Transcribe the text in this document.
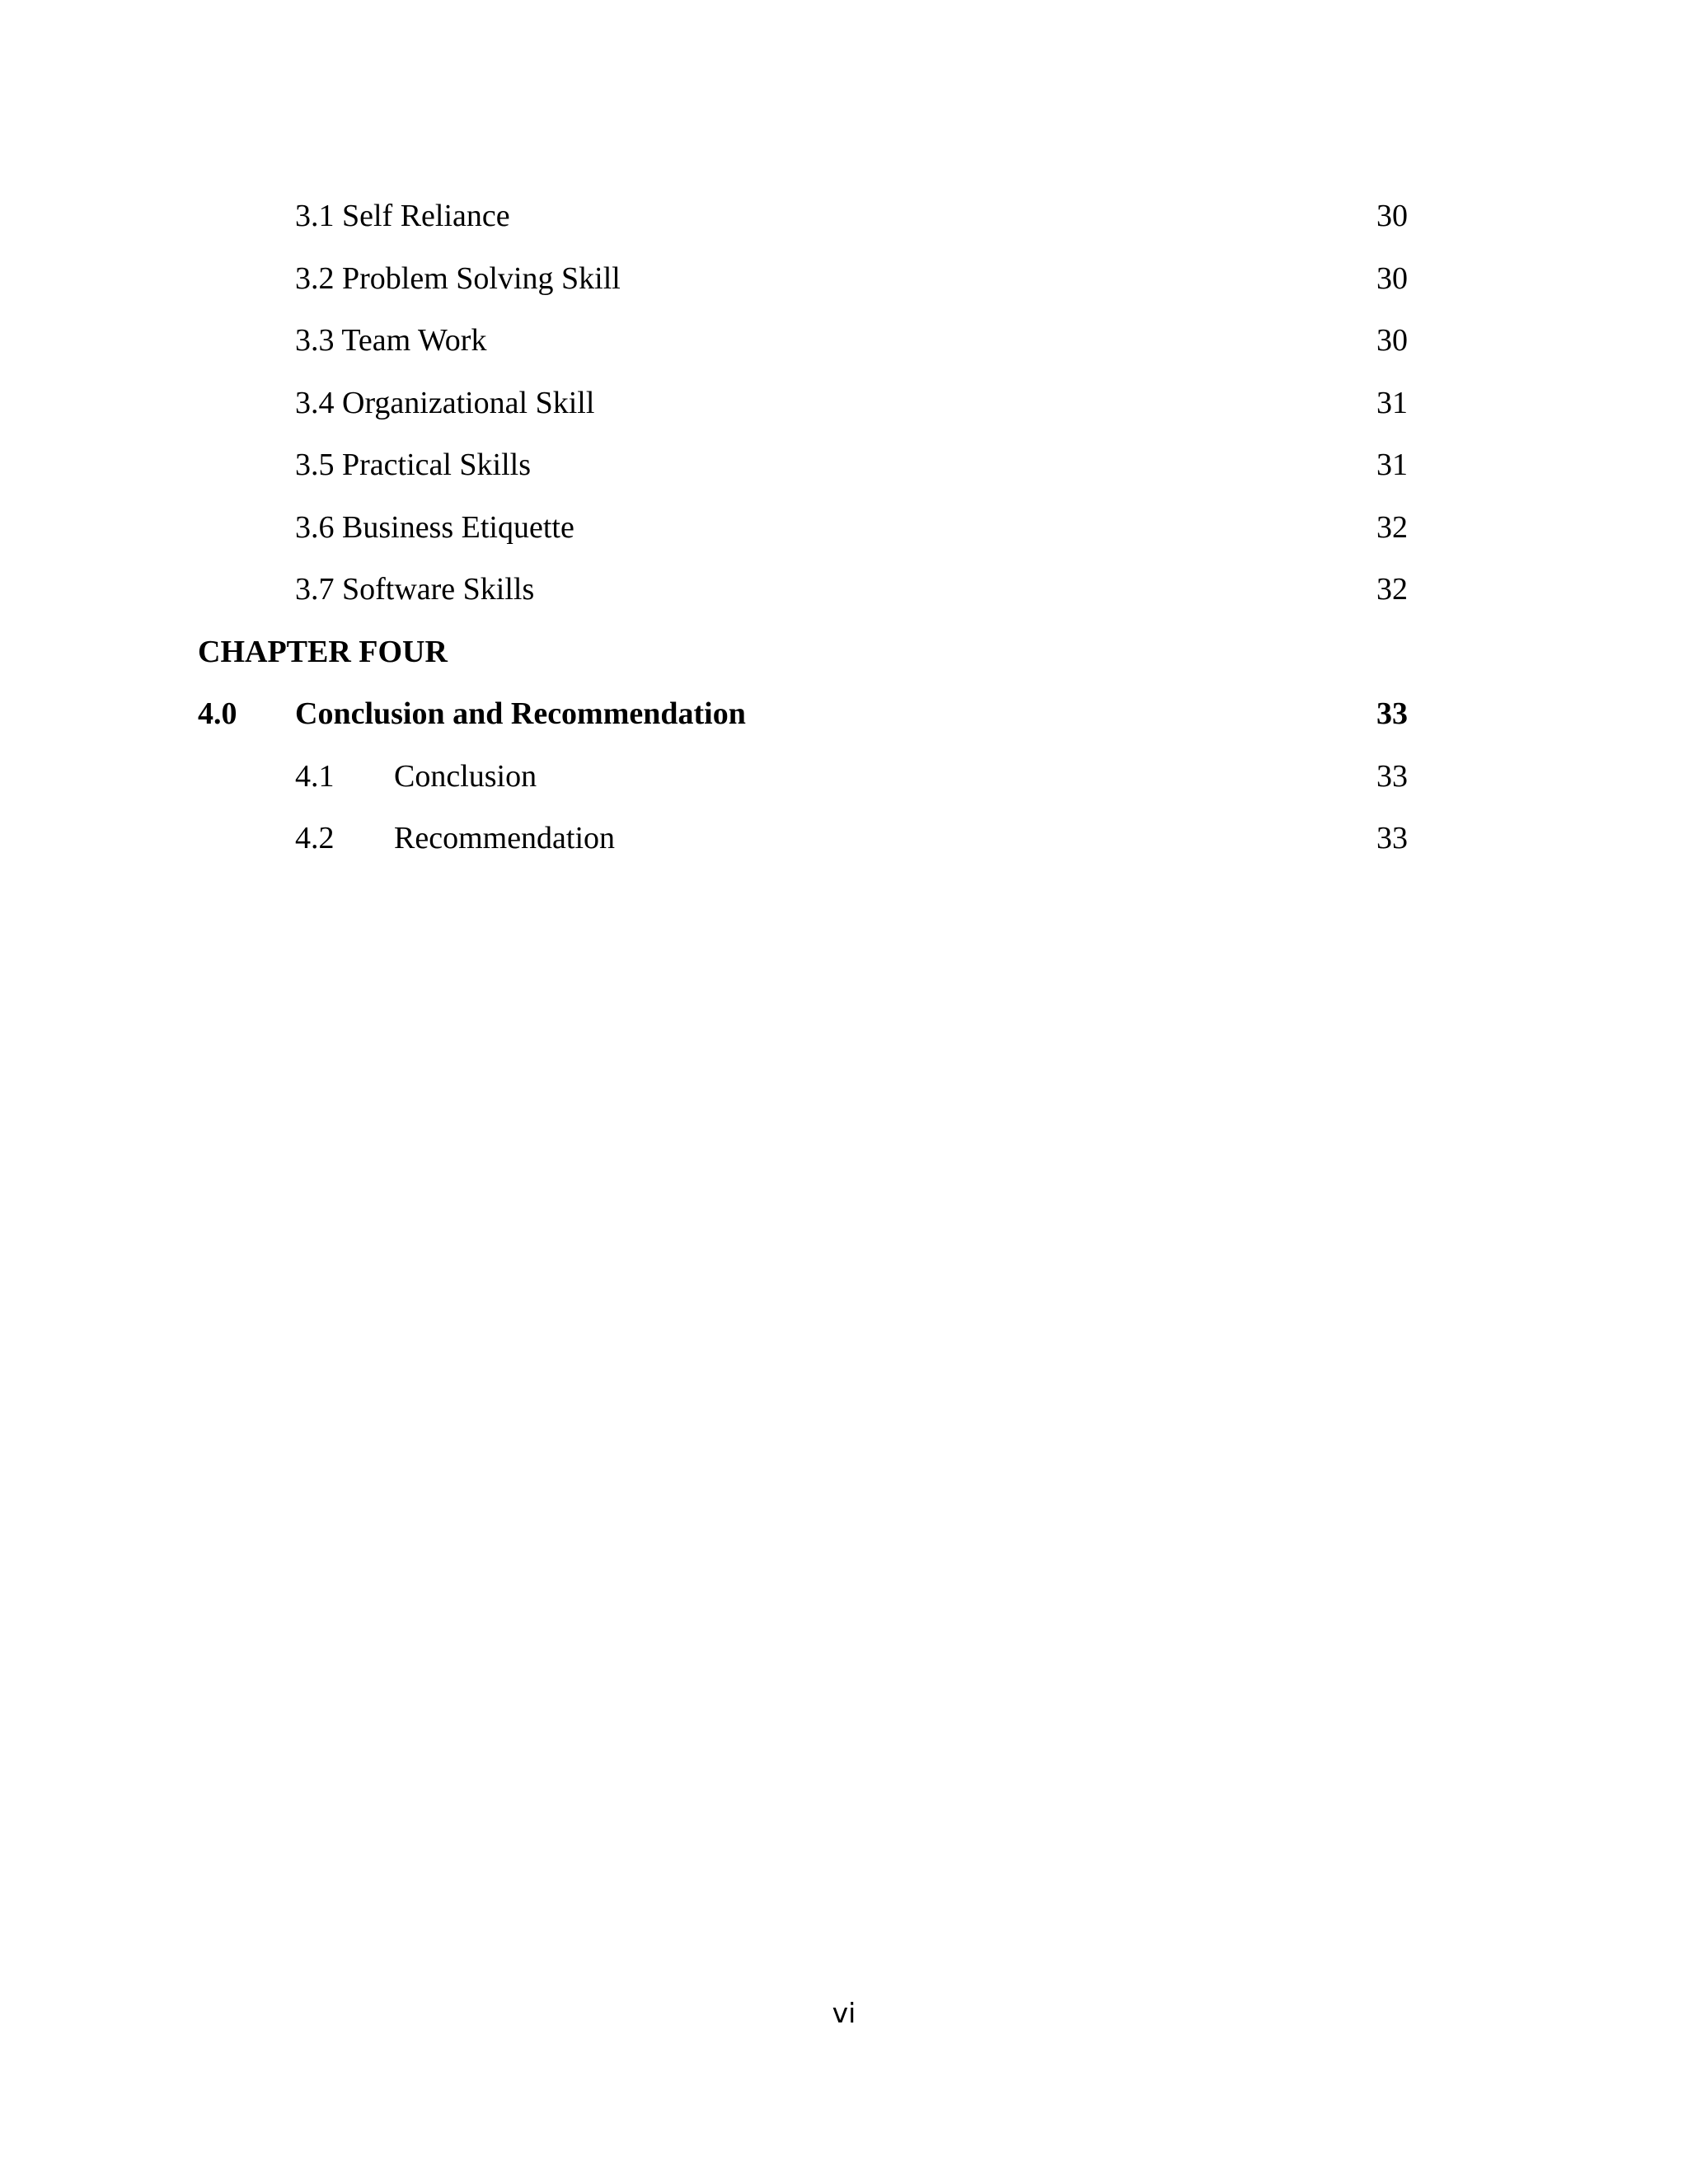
3.1 Self Reliance	30
3.2 Problem Solving Skill	30
3.3 Team Work	30
3.4 Organizational Skill	31
3.5 Practical Skills	31
3.6 Business Etiquette	32
3.7 Software Skills	32
CHAPTER FOUR
4.0 Conclusion and Recommendation	33
4.1 Conclusion	33
4.2 Recommendation	33
vi
